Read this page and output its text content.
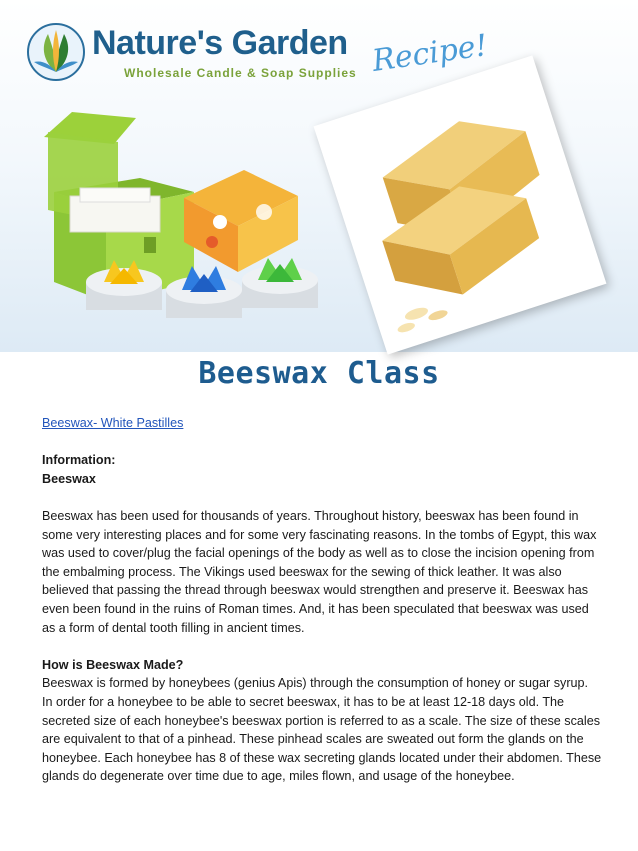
Nature's Garden
Wholesale Candle & Soap Supplies Recipe!
Beeswax Class

Beeswax- White Pastilles

Information:

Beeswax

Beeswax has been used for thousands of years. Throughout history, beeswax has been found in some very interesting places and for some very fascinating reasons. In the tombs of Egypt, this wax was used to cover/plug the facial openings of the body as well as to close the incision opening from the embalming process. The Vikings used beeswax for the sewing of thick leather. It was also believed that passing the thread through beeswax would strengthen and preserve it. Beeswax has even been found in the ruins of Roman times. And, it has been speculated that beeswax was used as a form of dental tooth filling in ancient times.

How is Beeswax Made?

Beeswax is formed by honeybees (genius Apis) through the consumption of honey or sugar syrup. In order for a honeybee to be able to secret beeswax, it has to be at least 12-18 days old. The secreted size of each honeybee's beeswax portion is referred to as a scale. The size of these scales are equivalent to that of a pinhead. These pinhead scales are sweated out form the glands on the honeybee. Each honeybee has 8 of these wax secreting glands located under their abdomen. These glands do degenerate over time due to age, miles flown, and usage of the honeybee.
